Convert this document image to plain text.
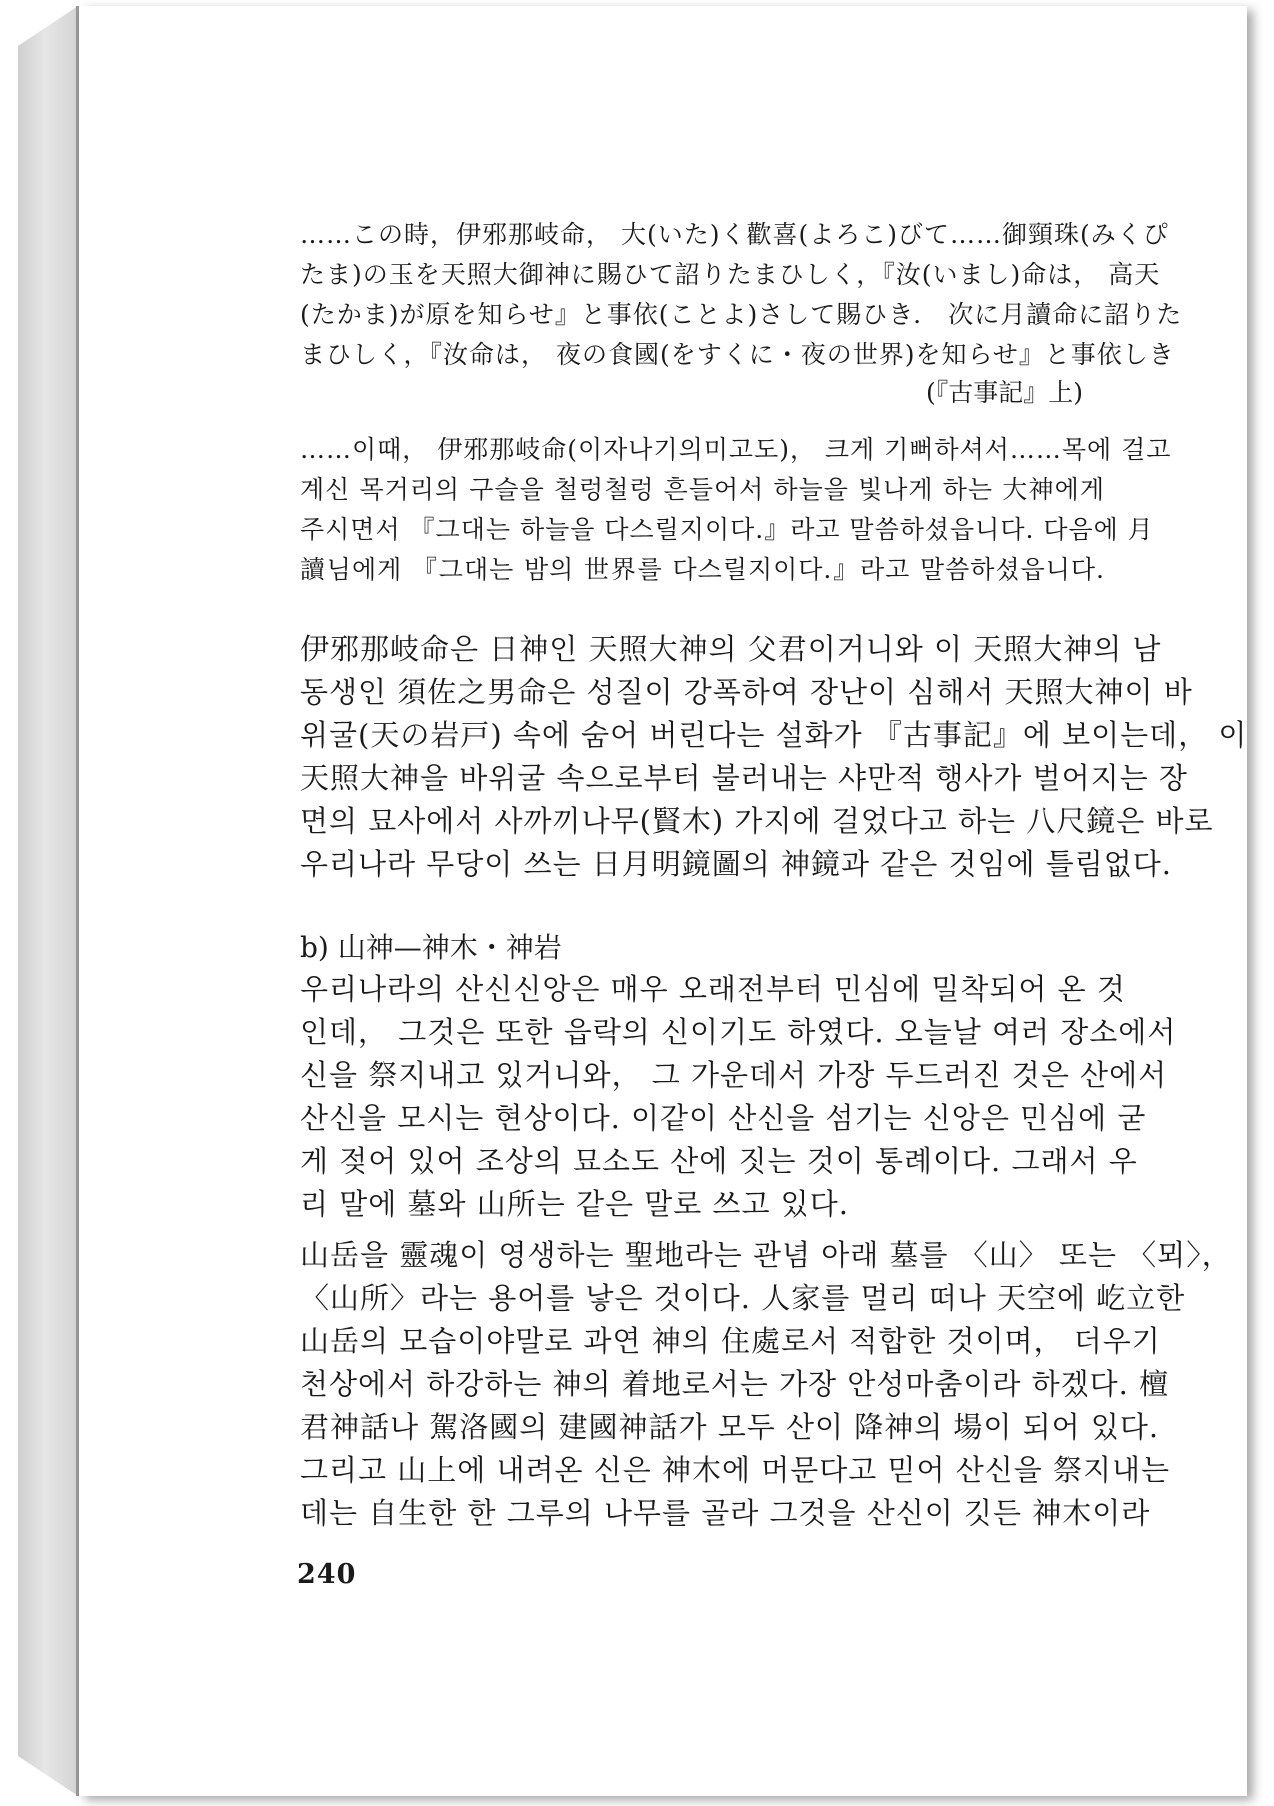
……この時，伊邪那岐命， 大(いた)く歡喜(よろこ)びて……御頸珠(みくぴ
たま)の玉を天照大御神に賜ひて詔りたまひしく，『汝(いまし)命は， 高天
(たかま)が原を知らせ』と事依(ことよ)さして賜ひき． 次に月讀命に詔りた
まひしく，『汝命は， 夜の食國(をすくに・夜の世界)を知らせ』と事依しき
(『古事記』上)
……이때， 伊邪那岐命(이자나기의미고도)， 크게 기뻐하셔서……목에 걸고
계신 목거리의 구슬을 철렁철렁 흔들어서 하늘을 빛나게 하는 大神에게
주시면서 『그대는 하늘을 다스릴지이다.』라고 말씀하셨읍니다. 다음에 月
讀님에게 『그대는 밤의 世界를 다스릴지이다.』라고 말씀하셨읍니다.
伊邪那岐命은 日神인 天照大神의 父君이거니와 이 天照大神의 남
동생인 須佐之男命은 성질이 강폭하여 장난이 심해서 天照大神이 바
위굴(天の岩戸) 속에 숨어 버린다는 설화가 『古事記』에 보이는데， 이
天照大神을 바위굴 속으로부터 불러내는 샤만적 행사가 벌어지는 장
면의 묘사에서 사까끼나무(賢木) 가지에 걸었다고 하는 八尺鏡은 바로
우리나라 무당이 쓰는 日月明鏡圖의 神鏡과 같은 것임에 틀림없다.
b) 山神—神木・神岩
우리나라의 산신신앙은 매우 오래전부터 민심에 밀착되어 온 것
인데， 그것은 또한 읍락의 신이기도 하였다. 오늘날 여러 장소에서
신을 祭지내고 있거니와， 그 가운데서 가장 두드러진 것은 산에서
산신을 모시는 현상이다. 이같이 산신을 섬기는 신앙은 민심에 굳
게 젖어 있어 조상의 묘소도 산에 짓는 것이 통례이다. 그래서 우
리 말에 墓와 山所는 같은 말로 쓰고 있다.
山岳을 靈魂이 영생하는 聖地라는 관념 아래 墓를 〈山〉 또는 〈뫼〉，
〈山所〉라는 용어를 낳은 것이다. 人家를 멀리 떠나 天空에 屹立한
山岳의 모습이야말로 과연 神의 住處로서 적합한 것이며， 더우기
천상에서 하강하는 神의 着地로서는 가장 안성마춤이라 하겠다. 檀
君神話나 駕洛國의 建國神話가 모두 산이 降神의 場이 되어 있다.
그리고 山上에 내려온 신은 神木에 머문다고 믿어 산신을 祭지내는
데는 自生한 한 그루의 나무를 골라 그것을 산신이 깃든 神木이라
240
